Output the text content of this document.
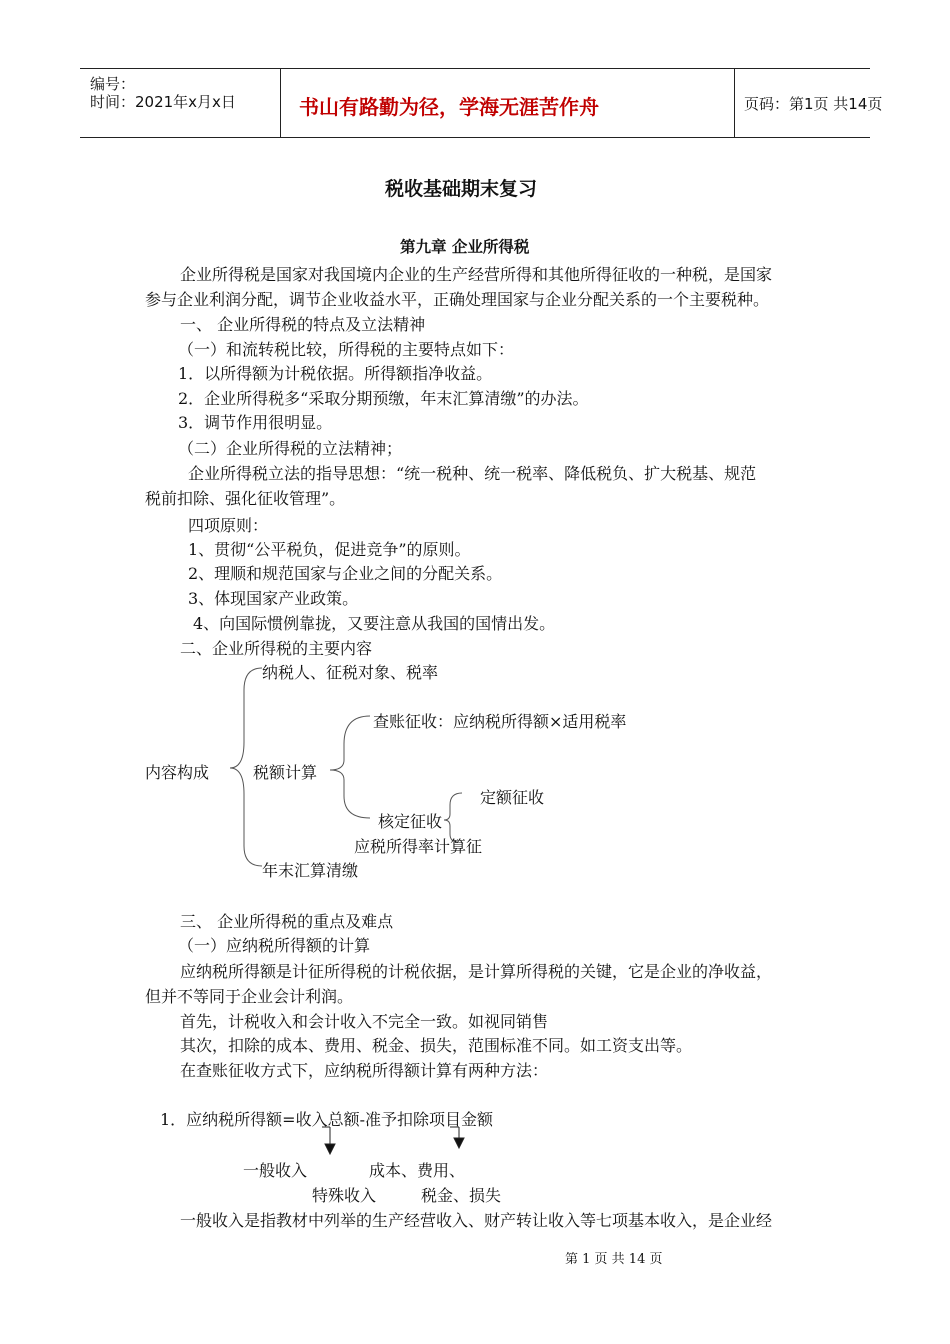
编号：
时间：2021年x月x日	书山有路勤为径，学海无涯苦作舟	页码：第1页 共14页
税收基础期末复习
第九章 企业所得税
企业所得税是国家对我国境内企业的生产经营所得和其他所得征收的一种税，是国家
参与企业利润分配，调节企业收益水平，正确处理国家与企业分配关系的一个主要税种。
一、 企业所得税的特点及立法精神
（一）和流转税比较，所得税的主要特点如下：
1．以所得额为计税依据。所得额指净收益。
2．企业所得税多“采取分期预缴，年末汇算清缴”的办法。
3．调节作用很明显。
（二）企业所得税的立法精神；
企业所得税立法的指导思想：“统一税种、统一税率、降低税负、扩大税基、规范
税前扣除、强化征收管理”。
四项原则：
1、贯彻“公平税负，促进竞争”的原则。
2、理顺和规范国家与企业之间的分配关系。
3、体现国家产业政策。
4、向国际惯例靠拢，又要注意从我国的国情出发。
二、企业所得税的主要内容
内容构成
纳税人、征税对象、税率
税额计算
查账征收：应纳税所得额×适用税率
核定征收
定额征收
应税所得率计算征
年末汇算清缴
三、 企业所得税的重点及难点
（一）应纳税所得额的计算
应纳税所得额是计征所得税的计税依据，是计算所得税的关键，它是企业的净收益，
但并不等同于企业会计利润。
首先，计税收入和会计收入不完全一致。如视同销售
其次，扣除的成本、费用、税金、损失，范围标准不同。如工资支出等。
在查账征收方式下，应纳税所得额计算有两种方法：
1．应纳税所得额=收入总额-准予扣除项目金额
一般收入	成本、费用、
特殊收入	税金、损失
一般收入是指教材中列举的生产经营收入、财产转让收入等七项基本收入，是企业经
第 1 页 共 14 页
